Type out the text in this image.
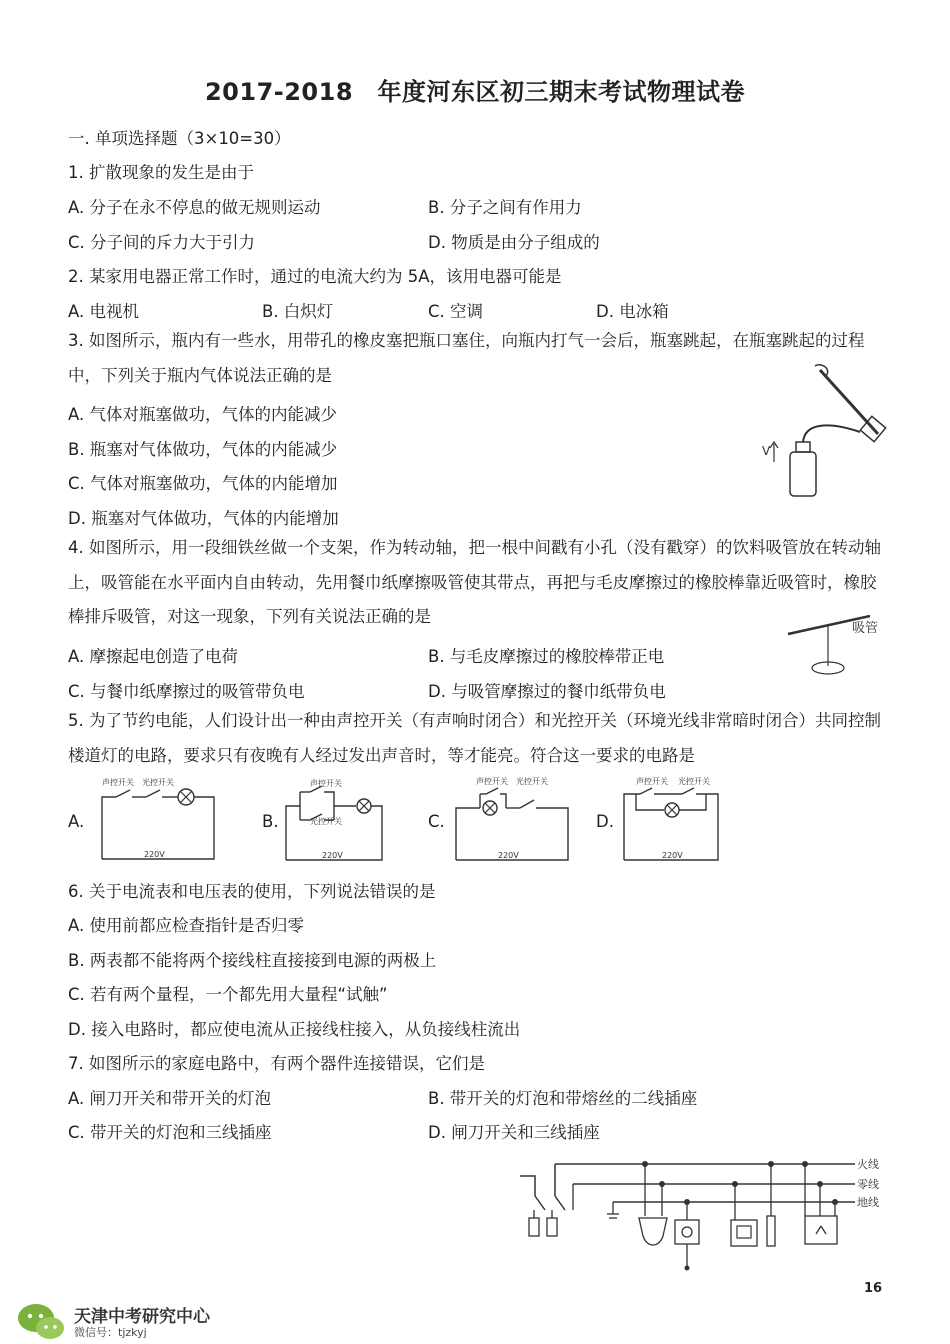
2017-2018　年度河东区初三期末考试物理试卷
一. 单项选择题（3×10=30）
1. 扩散现象的发生是由于
A. 分子在永不停息的做无规则运动	B. 分子之间有作用力
C. 分子间的斥力大于引力	D. 物质是由分子组成的
2. 某家用电器正常工作时，通过的电流大约为 5A，该用电器可能是
A. 电视机	B. 白炽灯	C. 空调	D. 电冰箱
3. 如图所示，瓶内有一些水，用带孔的橡皮塞把瓶口塞住，向瓶内打气一会后，瓶塞跳起，在瓶塞跳起的过程中，下列关于瓶内气体说法正确的是
A. 气体对瓶塞做功，气体的内能减少
B. 瓶塞对气体做功，气体的内能减少
C. 气体对瓶塞做功，气体的内能增加
D. 瓶塞对气体做功，气体的内能增加
V
4. 如图所示，用一段细铁丝做一个支架，作为转动轴，把一根中间戳有小孔（没有戳穿）的饮料吸管放在转动轴上，吸管能在水平面内自由转动，先用餐巾纸摩擦吸管使其带点，再把与毛皮摩擦过的橡胶棒靠近吸管时，橡胶棒排斥吸管，对这一现象，下列有关说法正确的是
A. 摩擦起电创造了电荷	B. 与毛皮摩擦过的橡胶棒带正电
C. 与餐巾纸摩擦过的吸管带负电	D. 与吸管摩擦过的餐巾纸带负电
吸管
5. 为了节约电能，人们设计出一种由声控开关（有声响时闭合）和光控开关（环境光线非常暗时闭合）共同控制楼道灯的电路，要求只有夜晚有人经过发出声音时，等才能亮。符合这一要求的电路是
A.
声控开关 光控开关
220V
B.
声控开关
光控开关
220V
C.
声控开关 光控开关
220V
D.
声控开关 光控开关
220V
6. 关于电流表和电压表的使用，下列说法错误的是
A. 使用前都应检查指针是否归零
B. 两表都不能将两个接线柱直接接到电源的两极上
C. 若有两个量程，一个都先用大量程“试触”
D. 接入电路时，都应使电流从正接线柱接入，从负接线柱流出
7. 如图所示的家庭电路中，有两个器件连接错误，它们是
A. 闸刀开关和带开关的灯泡	B. 带开关的灯泡和带熔丝的二线插座
C. 带开关的灯泡和三线插座	D. 闸刀开关和三线插座
火线
零线
地线
16
天津中考研究中心
微信号：tjzkyj
